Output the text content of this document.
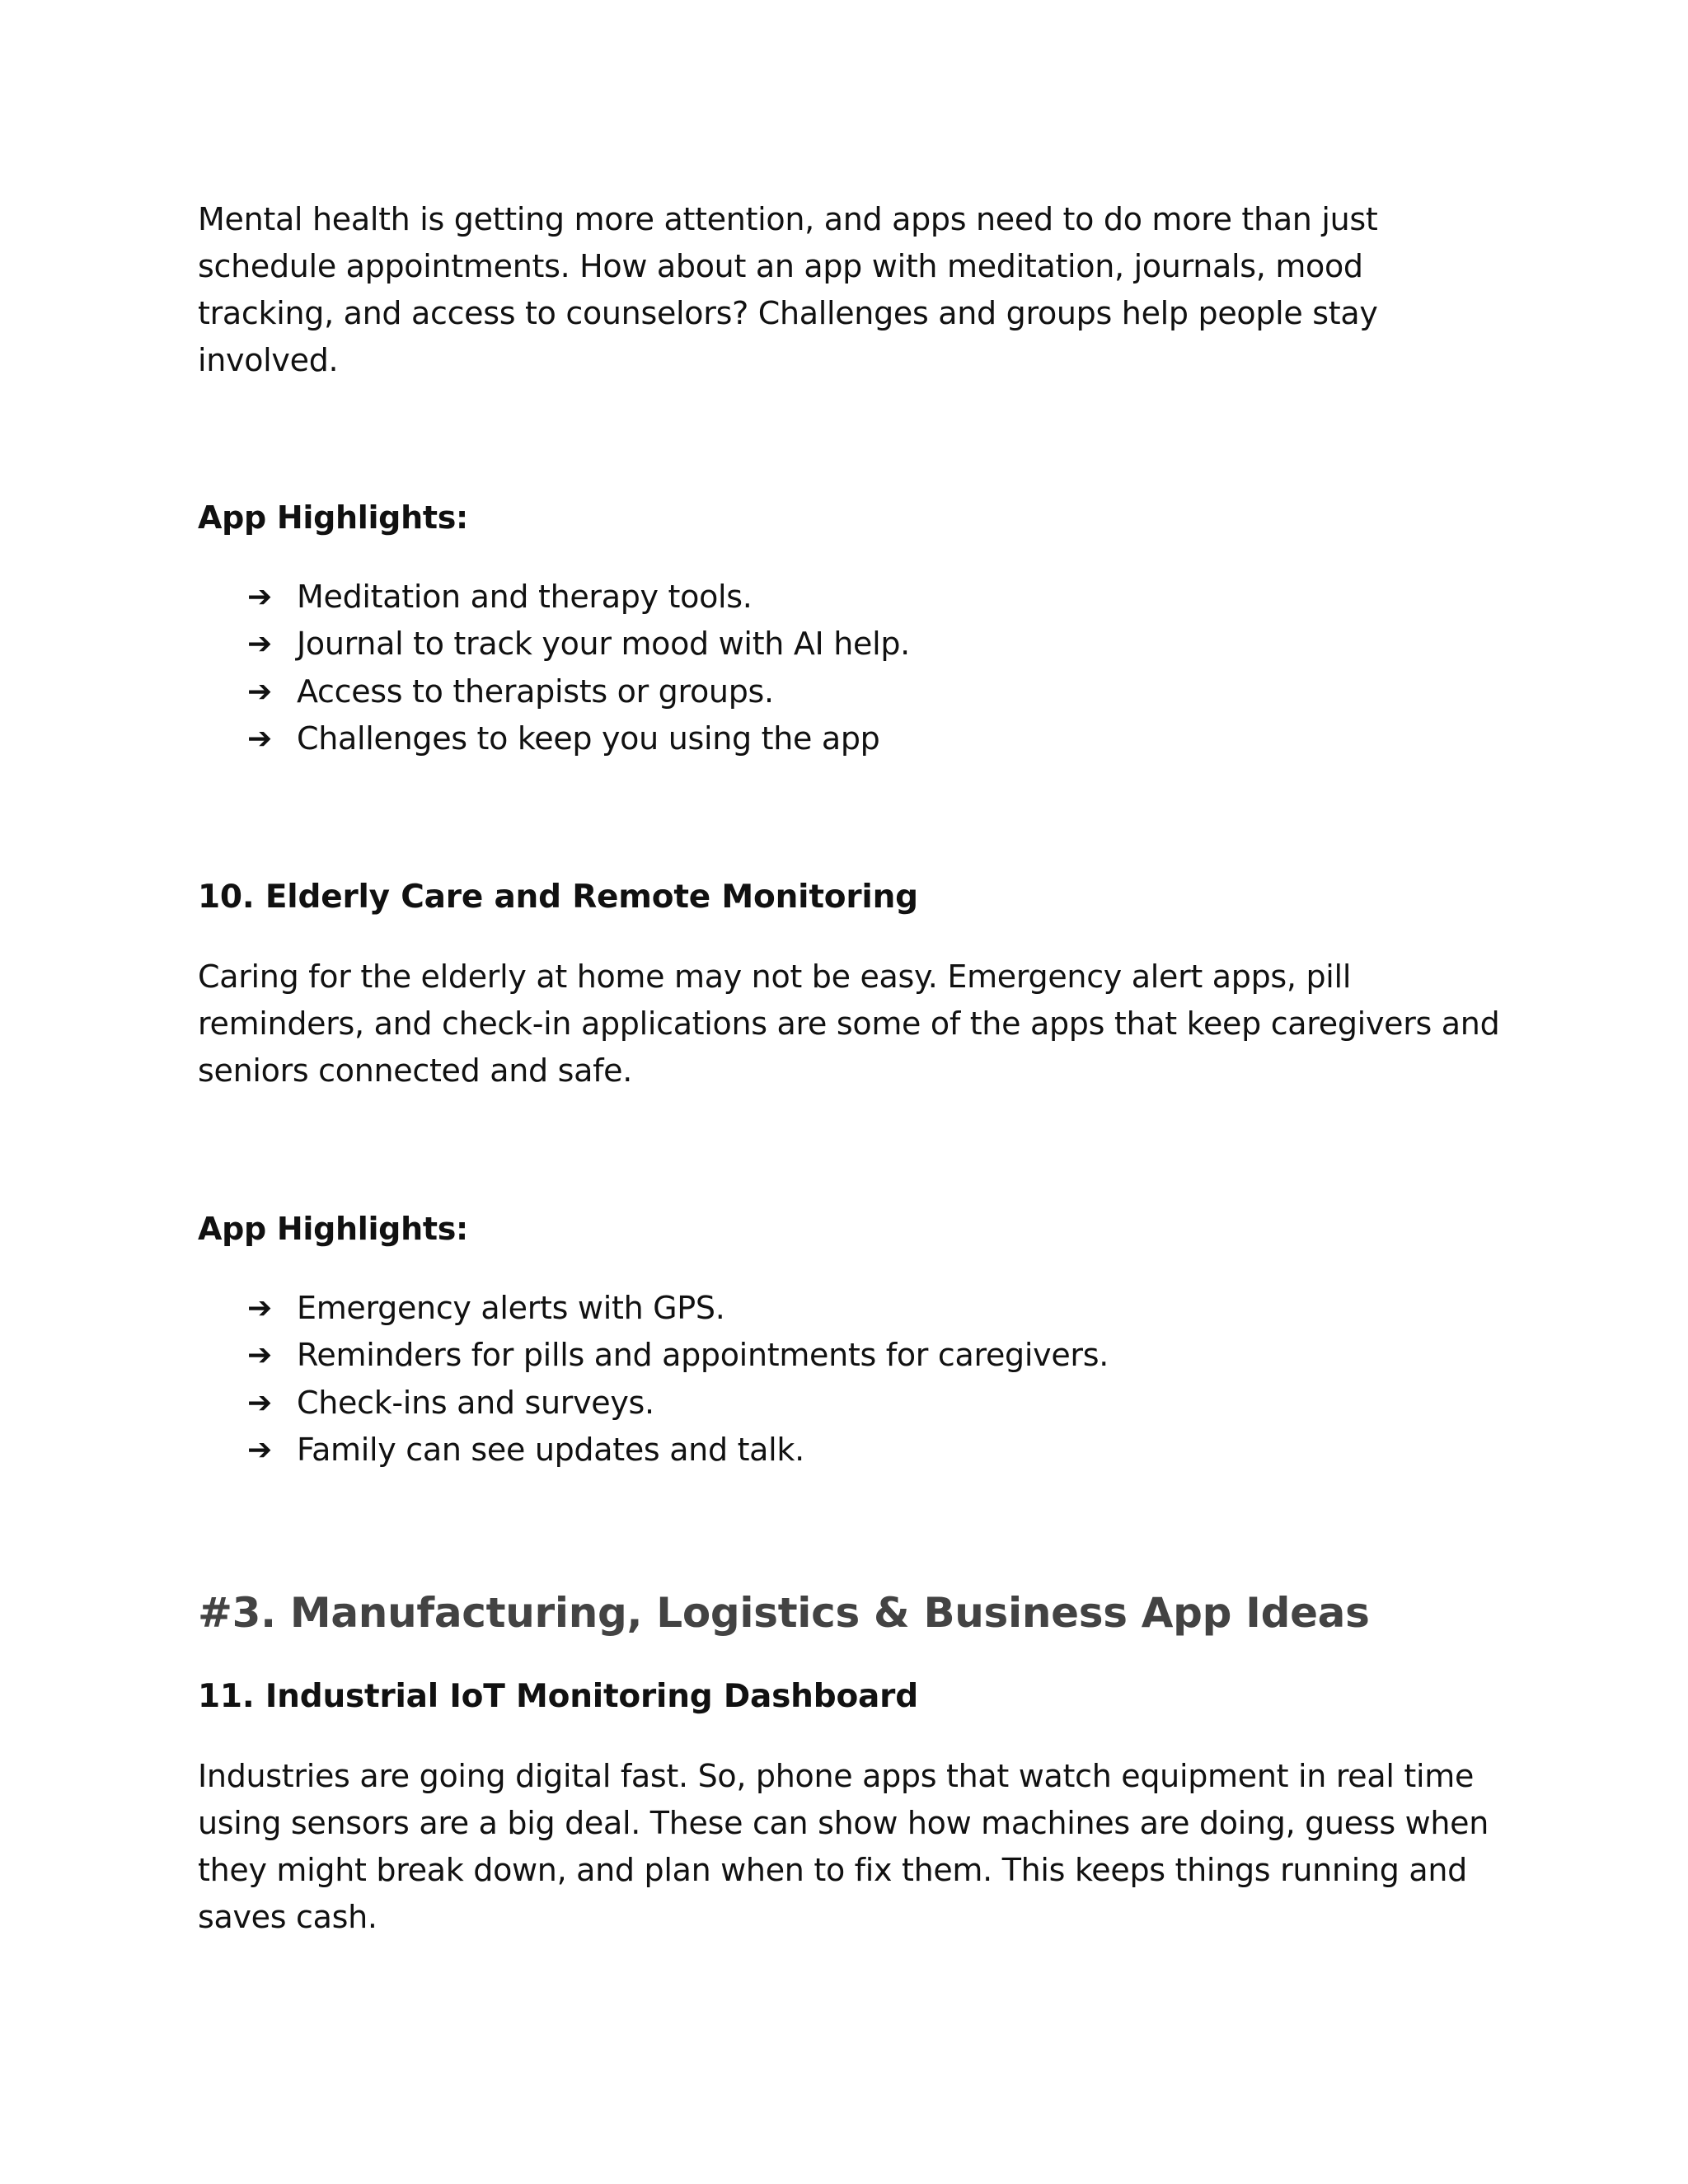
Mental health is getting more attention, and apps need to do more than just schedule appointments. How about an app with meditation, journals, mood tracking, and access to counselors? Challenges and groups help people stay involved.

App Highlights:

➔ Meditation and therapy tools.
➔ Journal to track your mood with AI help.
➔ Access to therapists or groups.
➔ Challenges to keep you using the app
10. Elderly Care and Remote Monitoring

Caring for the elderly at home may not be easy. Emergency alert apps, pill reminders, and check-in applications are some of the apps that keep caregivers and seniors connected and safe.

App Highlights:

➔ Emergency alerts with GPS.
➔ Reminders for pills and appointments for caregivers.
➔ Check-ins and surveys.
➔ Family can see updates and talk.
#3. Manufacturing, Logistics & Business App Ideas
11. Industrial IoT Monitoring Dashboard

Industries are going digital fast. So, phone apps that watch equipment in real time using sensors are a big deal. These can show how machines are doing, guess when they might break down, and plan when to fix them. This keeps things running and saves cash.
